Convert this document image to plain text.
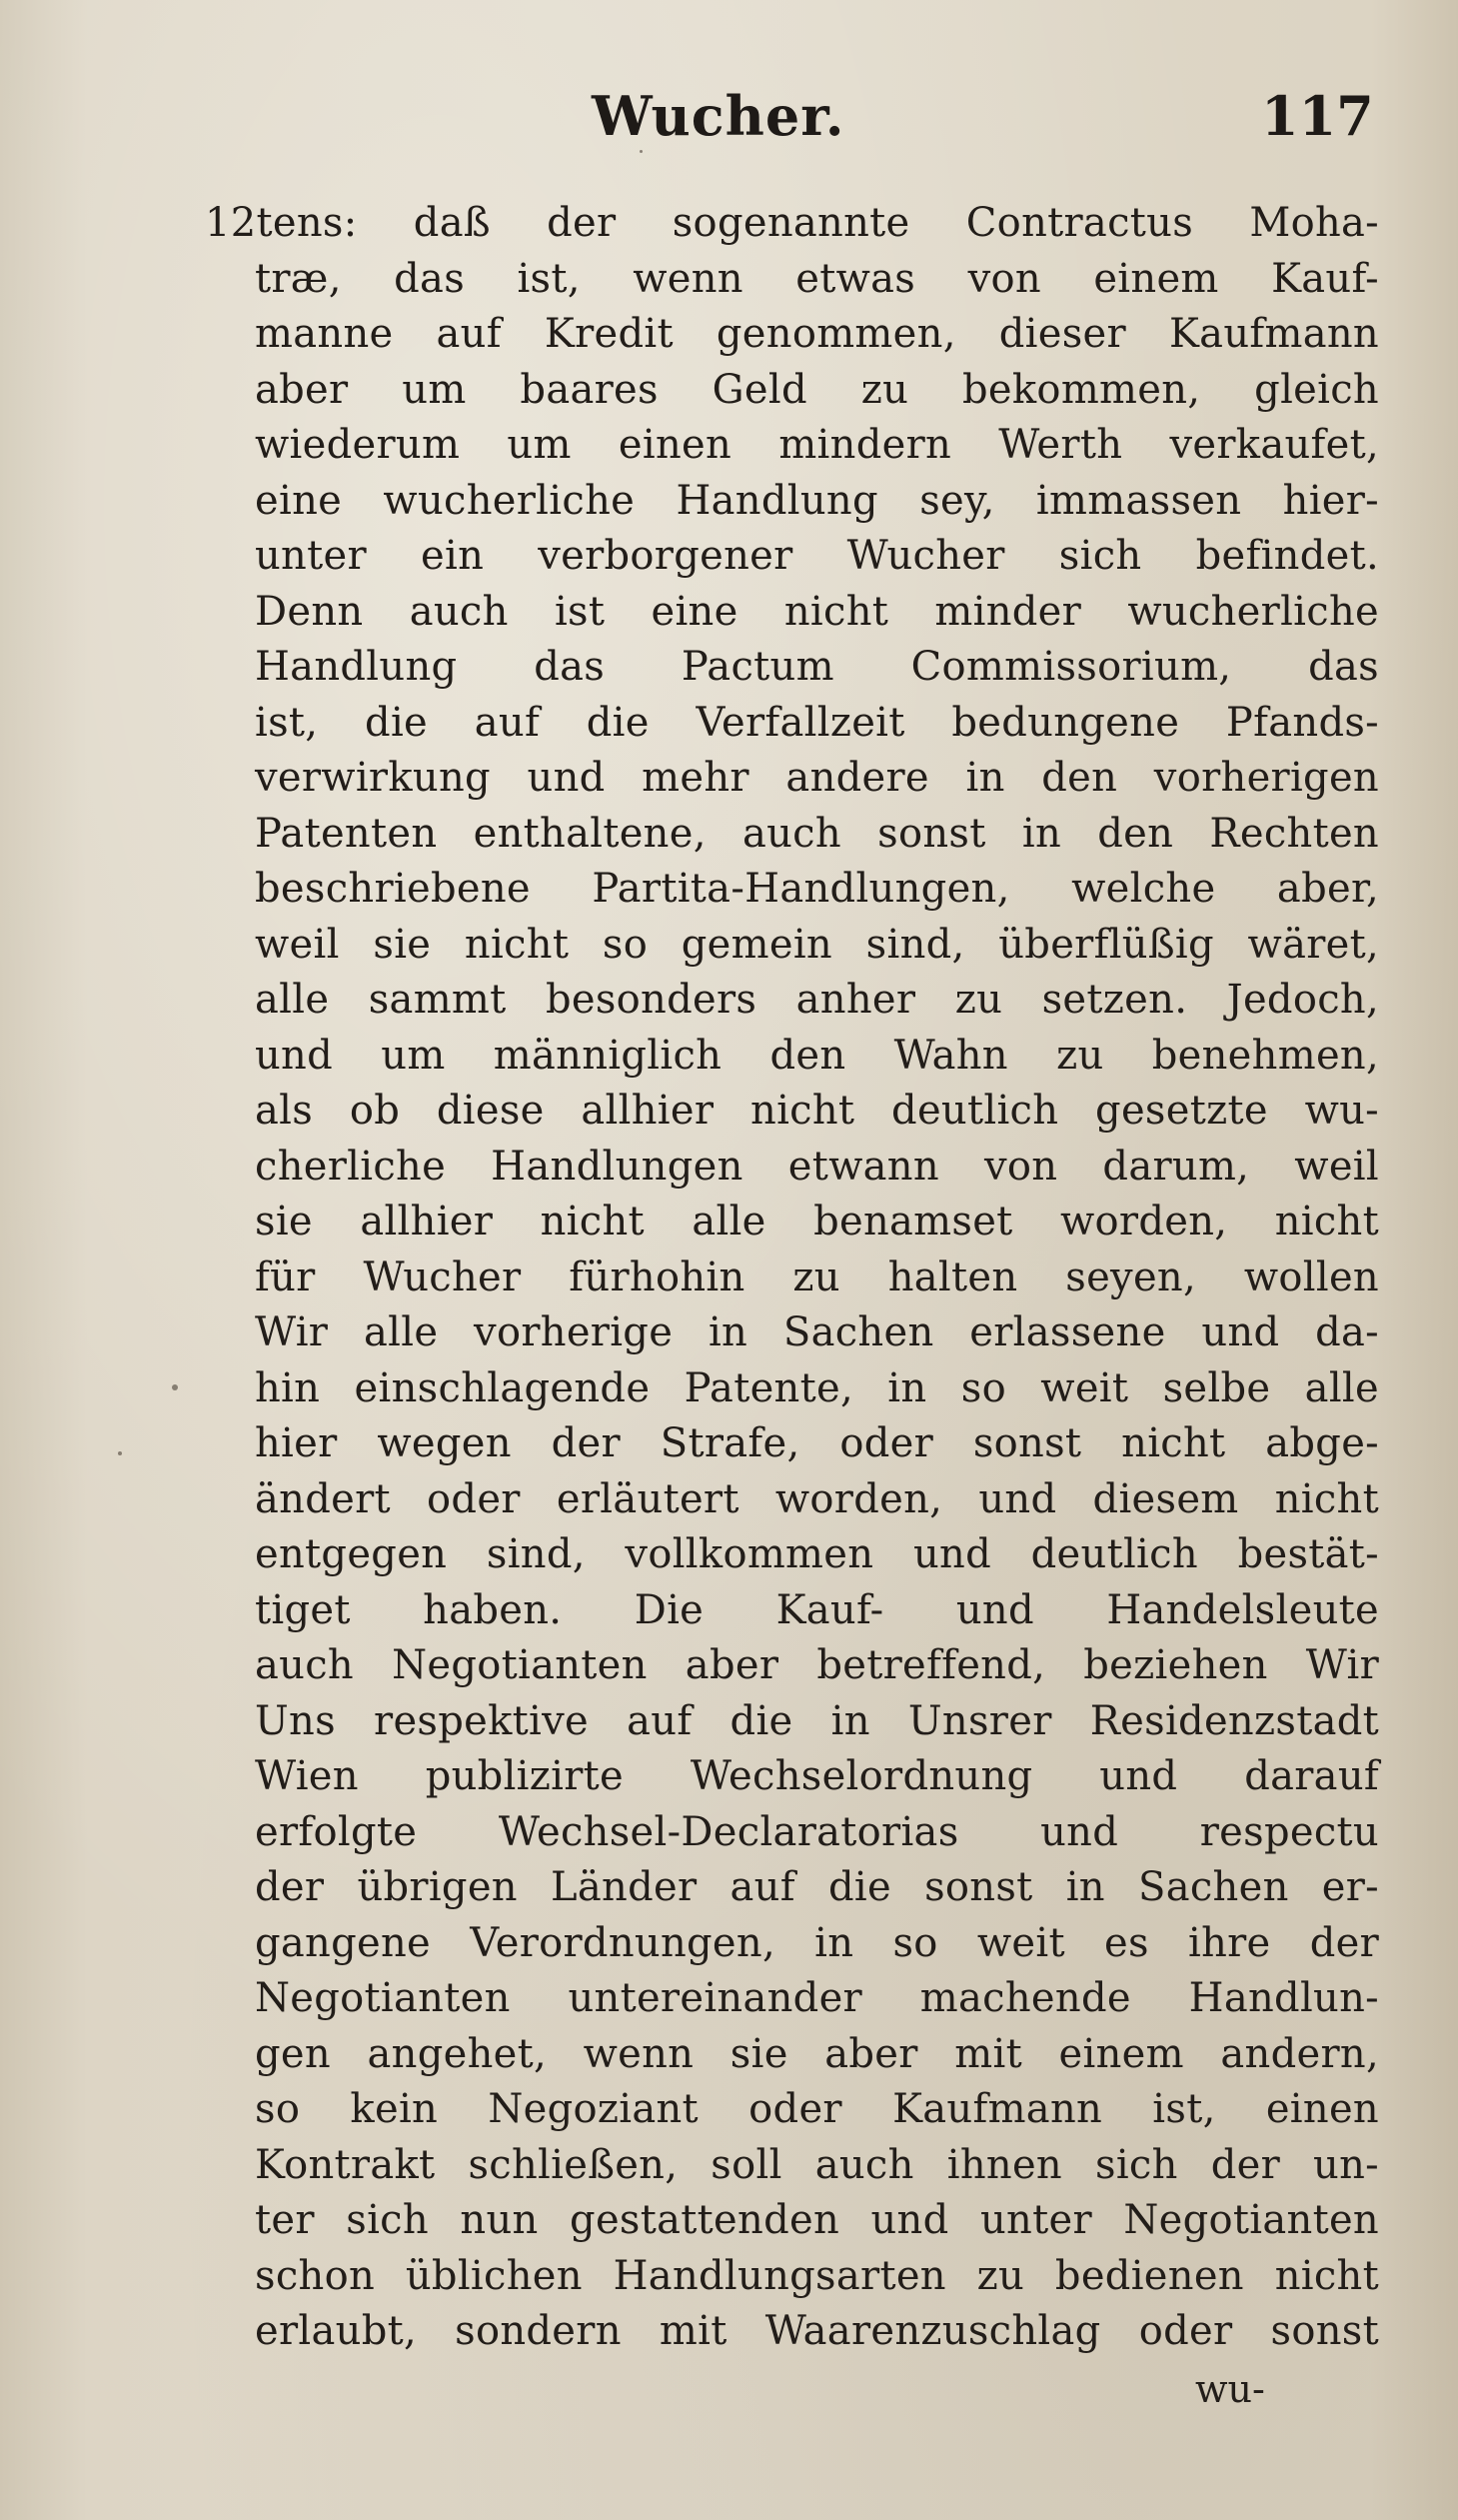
Wucher.	117
12tens: daß der sogenannte Contractus Moha-
træ, das ist, wenn etwas von einem Kauf-
manne auf Kredit genommen, dieser Kaufmann
aber um baares Geld zu bekommen, gleich
wiederum um einen mindern Werth verkaufet,
eine wucherliche Handlung sey, immassen hier-
unter ein verborgener Wucher sich befindet.
Denn auch ist eine nicht minder wucherliche
Handlung das Pactum Commissorium, das
ist, die auf die Verfallzeit bedungene Pfands-
verwirkung und mehr andere in den vorherigen
Patenten enthaltene, auch sonst in den Rechten
beschriebene Partita-Handlungen, welche aber,
weil sie nicht so gemein sind, überflüßig wäret,
alle sammt besonders anher zu setzen. Jedoch,
und um männiglich den Wahn zu benehmen,
als ob diese allhier nicht deutlich gesetzte wu-
cherliche Handlungen etwann von darum, weil
sie allhier nicht alle benamset worden, nicht
für Wucher fürhohin zu halten seyen, wollen
Wir alle vorherige in Sachen erlassene und da-
hin einschlagende Patente, in so weit selbe alle
hier wegen der Strafe, oder sonst nicht abge-
ändert oder erläutert worden, und diesem nicht
entgegen sind, vollkommen und deutlich bestät-
tiget haben. Die Kauf- und Handelsleute
auch Negotianten aber betreffend, beziehen Wir
Uns respektive auf die in Unsrer Residenzstadt
Wien publizirte Wechselordnung und darauf
erfolgte Wechsel-Declaratorias und respectu
der übrigen Länder auf die sonst in Sachen er-
gangene Verordnungen, in so weit es ihre der
Negotianten untereinander machende Handlun-
gen angehet, wenn sie aber mit einem andern,
so kein Negoziant oder Kaufmann ist, einen
Kontrakt schließen, soll auch ihnen sich der un-
ter sich nun gestattenden und unter Negotianten
schon üblichen Handlungsarten zu bedienen nicht
erlaubt, sondern mit Waarenzuschlag oder sonst
wu-
